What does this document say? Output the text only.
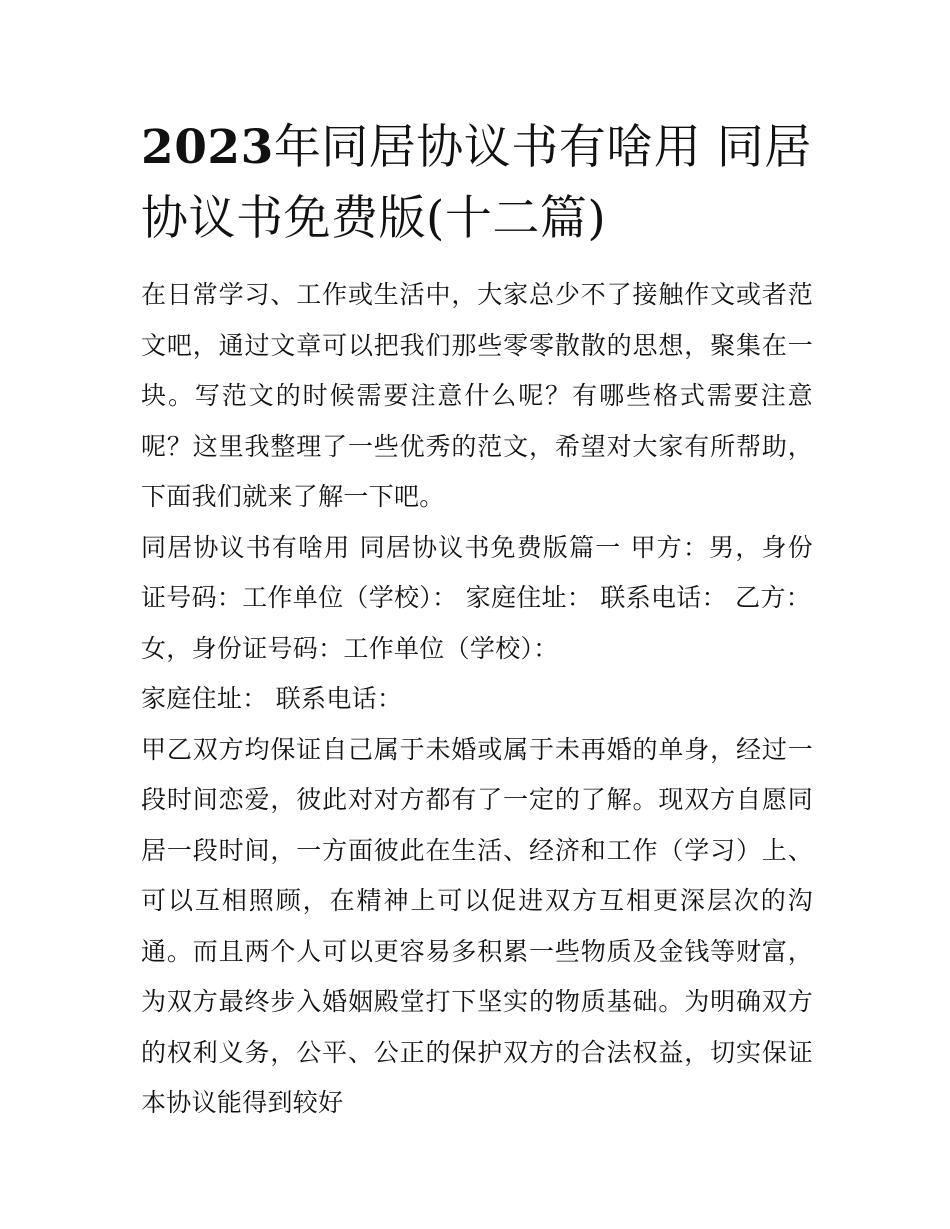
2023年同居协议书有啥用 同居协议书免费版(十二篇)

在日常学习、工作或生活中，大家总少不了接触作文或者范文吧，通过文章可以把我们那些零零散散的思想，聚集在一块。写范文的时候需要注意什么呢？有哪些格式需要注意呢？这里我整理了一些优秀的范文，希望对大家有所帮助，下面我们就来了解一下吧。

同居协议书有啥用 同居协议书免费版篇一 甲方：男，身份证号码：工作单位（学校）： 家庭住址： 联系电话： 乙方：

女，身份证号码：工作单位（学校）：

家庭住址： 联系电话：

甲乙双方均保证自己属于未婚或属于未再婚的单身，经过一段时间恋爱，彼此对对方都有了一定的了解。现双方自愿同居一段时间，一方面彼此在生活、经济和工作（学习）上、可以互相照顾，在精神上可以促进双方互相更深层次的沟通。而且两个人可以更容易多积累一些物质及金钱等财富，为双方最终步入婚姻殿堂打下坚实的物质基础。为明确双方的权利义务，公平、公正的保护双方的合法权益，切实保证本协议能得到较好
